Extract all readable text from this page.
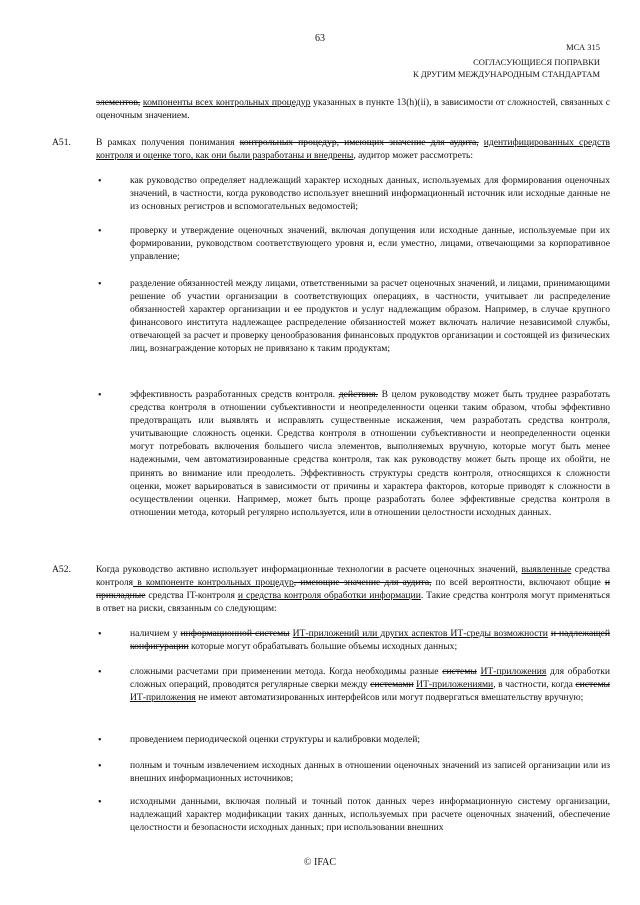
63
МСА 315
СОГЛАСУЮЩИЕСЯ ПОПРАВКИ
К ДРУГИМ МЕЖДУНАРОДНЫМ СТАНДАРТАМ
элементов, компоненты всех контрольных процедур указанных в пункте 13(h)(ii), в зависимости от сложностей, связанных с оценочным значением.
A51.	В рамках получения понимания контрольных процедур, имеющих значение для аудита, идентифицированных средств контроля и оценке того, как они были разработаны и внедрены, аудитор может рассмотреть:
•	как руководство определяет надлежащий характер исходных данных, используемых для формирования оценочных значений, в частности, когда руководство использует внешний информационный источник или исходные данные не из основных регистров и вспомогательных ведомостей;
•	проверку и утверждение оценочных значений, включая допущения или исходные данные, используемые при их формировании, руководством соответствующего уровня и, если уместно, лицами, отвечающими за корпоративное управление;
•	разделение обязанностей между лицами, ответственными за расчет оценочных значений, и лицами, принимающими решение об участии организации в соответствующих операциях, в частности, учитывает ли распределение обязанностей характер организации и ее продуктов и услуг надлежащим образом. Например, в случае крупного финансового института надлежащее распределение обязанностей может включать наличие независимой службы, отвечающей за расчет и проверку ценообразования финансовых продуктов организации и состоящей из физических лиц, вознаграждение которых не привязано к таким продуктам;
•	эффективность разработанных средств контроля. действия. В целом руководству может быть труднее разработать средства контроля в отношении субъективности и неопределенности оценки таким образом, чтобы эффективно предотвращать или выявлять и исправлять существенные искажения, чем разработать средства контроля, учитывающие сложность оценки. Средства контроля в отношении субъективности и неопределенности оценки могут потребовать включения большего числа элементов, выполняемых вручную, которые могут быть менее надежными, чем автоматизированные средства контроля, так как руководству может быть проще их обойти, не принять во внимание или преодолеть. Эффективность структуры средств контроля, относящихся к сложности оценки, может варьироваться в зависимости от причины и характера факторов, которые приводят к сложности в осуществлении оценки. Например, может быть проще разработать более эффективные средства контроля в отношении метода, который регулярно используется, или в отношении целостности исходных данных.
A52.	Когда руководство активно использует информационные технологии в расчете оценочных значений, выявленные средства контроля в компоненте контрольных процедур, имеющие значение для аудита, по всей вероятности, включают общие и прикладные средства IT-контроля и средства контроля обработки информации. Такие средства контроля могут применяться в ответ на риски, связанным со следующим:
•	наличием у информационной системы ИТ-приложений или других аспектов ИТ-среды возможности и надлежащей конфигурации которые могут обрабатывать большие объемы исходных данных;
•	сложными расчетами при применении метода. Когда необходимы разные системы ИТ-приложения для обработки сложных операций, проводятся регулярные сверки между системами ИТ-приложениями, в частности, когда системы ИТ-приложения не имеют автоматизированных интерфейсов или могут подвергаться вмешательству вручную;
•	проведением периодической оценки структуры и калибровки моделей;
•	полным и точным извлечением исходных данных в отношении оценочных значений из записей организации или из внешних информационных источников;
•	исходными данными, включая полный и точный поток данных через информационную систему организации, надлежащий характер модификации таких данных, используемых при расчете оценочных значений, обеспечение целостности и безопасности исходных данных; при использовании внешних
© IFAC
